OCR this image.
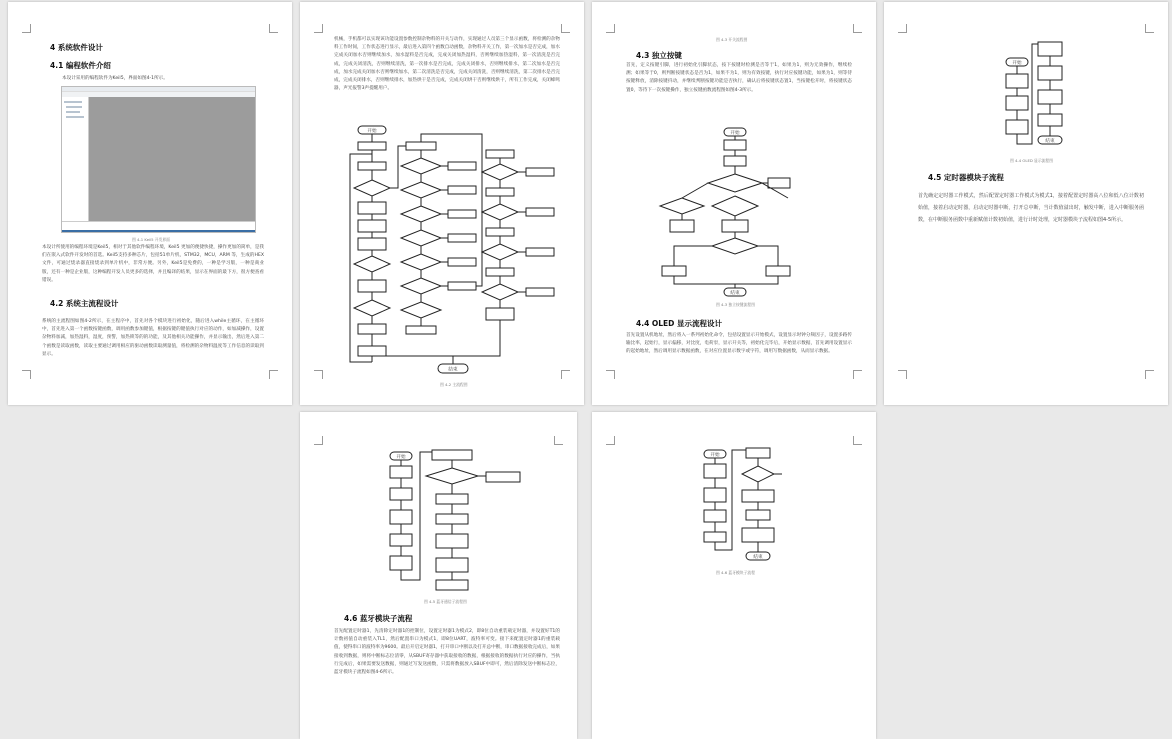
4 系统软件设计
4.1 编程软件介绍
本设计采用的编程软件为Keil5，界面如图4-1所示。
图 4-1 Keil5 开发界面
本设计所使用的编程环境是Keil5，相对于其他软件编程环境，Keil5 更加的便捷快捷，操作更加的简单，是我们在嵌入式软件开发时的首选。Keil5支持多种芯片，包括51单片机，STM32，MCU，ARM 等，生成的HEX文件，可通过烧录器直接烧录到单片机中，非常方便。另外，Keil5是免费的，一种是学习版，一种是商业版，还有一种是企业版，这种编程开发人员更多的选择，并且编译的结果，显示在界面的最下方，很方便查看错误。
4.2 系统主流程设计
系统的主流程图如图4-2所示，在主程序中，首先对各个模块进行初始化，随后进入while主循环，在主循环中，首先进入第一个函数按键函数，调用函数参加键值，根据按键的键值执行对应的动作，如加减操作，设置杂物料加减，加热湿料，湿度，预警，加热锁等的的功能，及其他相关功能操作，并显示输出，然后进入第二个函数是读取函数，读取主要通过调用相应的驱动函数读取测量值，将检测的杂物料温度等工作信息的读取到显示。
机械，手机都可以实现该功能设置参数控制杂物料的开关与动作，实现通过人员第三个显示函数，将检测的杂物料工作时间，工作状态进行显示，最后进入第四个函数自动函数，杂物料开关工作，第一次加水是否完成，加水完成关闭加水否则继续加水，加水湿料是否完成，完成关闭加热湿料，否则继续加热湿料，第一次清洗是否完成，完成关闭清洗，否则继续清洗，第一次排水是否完成，完成关闭排水，否则继续排水，第二次加水是否完成，加水完成关闭加水否则继续加水，第二次清洗是否完成，完成关闭清洗，否则继续清洗，第二次排水是否完成，完成关闭排水，否则继续排水，加热烘干是否完成，完成关闭烘干否则继续烘干，所有工作完成，关闭蜂鸣器，声光报警3声提醒用户。
开始
结束
图 4-2 主流程图
图 4-3 开关流程图
4.3 独立按键
首先，定义按键引脚，进行初始化引脚状态，按下按键时检测是否等于1，如果为1，则为无效操作，继续检测；如果等于0，则判断按键状态是否为1，如果不为1，则为有效按键，执行对应按键功能，如果为1，则等待按键释放，消除按键抖动，并继续判断按键功能是否执行，确认后将按键状态置1，当按键松开时，将按键状态置0，等待下一次按键操作，独立按键函数流程图如图4-3所示。
开始
结束
图 4-3 独立按键流程图
4.4 OLED 显示流程设计
首先设置从机地址，然后将入一系列初始化命令，包括设置显示开始模式，设置显示时钟分频因子，设置多路传输比率，起始行，显示偏移，对比度，电荷泵，显示开关等，初始化完毕后，开始显示数据，首先调用设置显示的起始地址，然后调用显示数据函数，在对应位置显示数字或字符，调用写数据函数，从而显示数据。
开始
结束
图 4-4 OLED 显示流程图
4.5 定时器模块子流程
首先确定定时器工作模式，然后配置定时器工作模式为模式1，接着配置定时器高八位和低八位计数初始值，接着启动定时器，启动定时器中断，打开总中断，当计数值溢出时，触发中断，进入中断服务函数，在中断服务函数中重新赋值计数初始值，进行计时处理，定时器模块子流程如图4-5所示。
开始
图 4-5 蓝牙通信子流程图
4.6 蓝牙模块子流程
首先配置定时器1，先清除定时器1的控制位，设置定时器1为模式2，即8位自动重装载定时器，并设置好T1的计数初值自动重装入TL1，然后配置串口为模式1，即8位UART，波特率可变。接下来配置定时器1的重装载值，使得串口的波特率为9600。最后开启定时器1，打开串口中断以及打开总中断，串口数据接收完成后，如果接收到数据，则将中断标志位清零，从SBUF寄存器中获取接收的数据，根据接收的数据执行对应的操作，当执行完成后，如果需要发送数据，则通过写发送函数，只需将数据放入SBUF中即可，然后清除发送中断标志位，蓝牙模块子流程如图4-6所示。
开始
结束
图 4-6 蓝牙模块子流程
